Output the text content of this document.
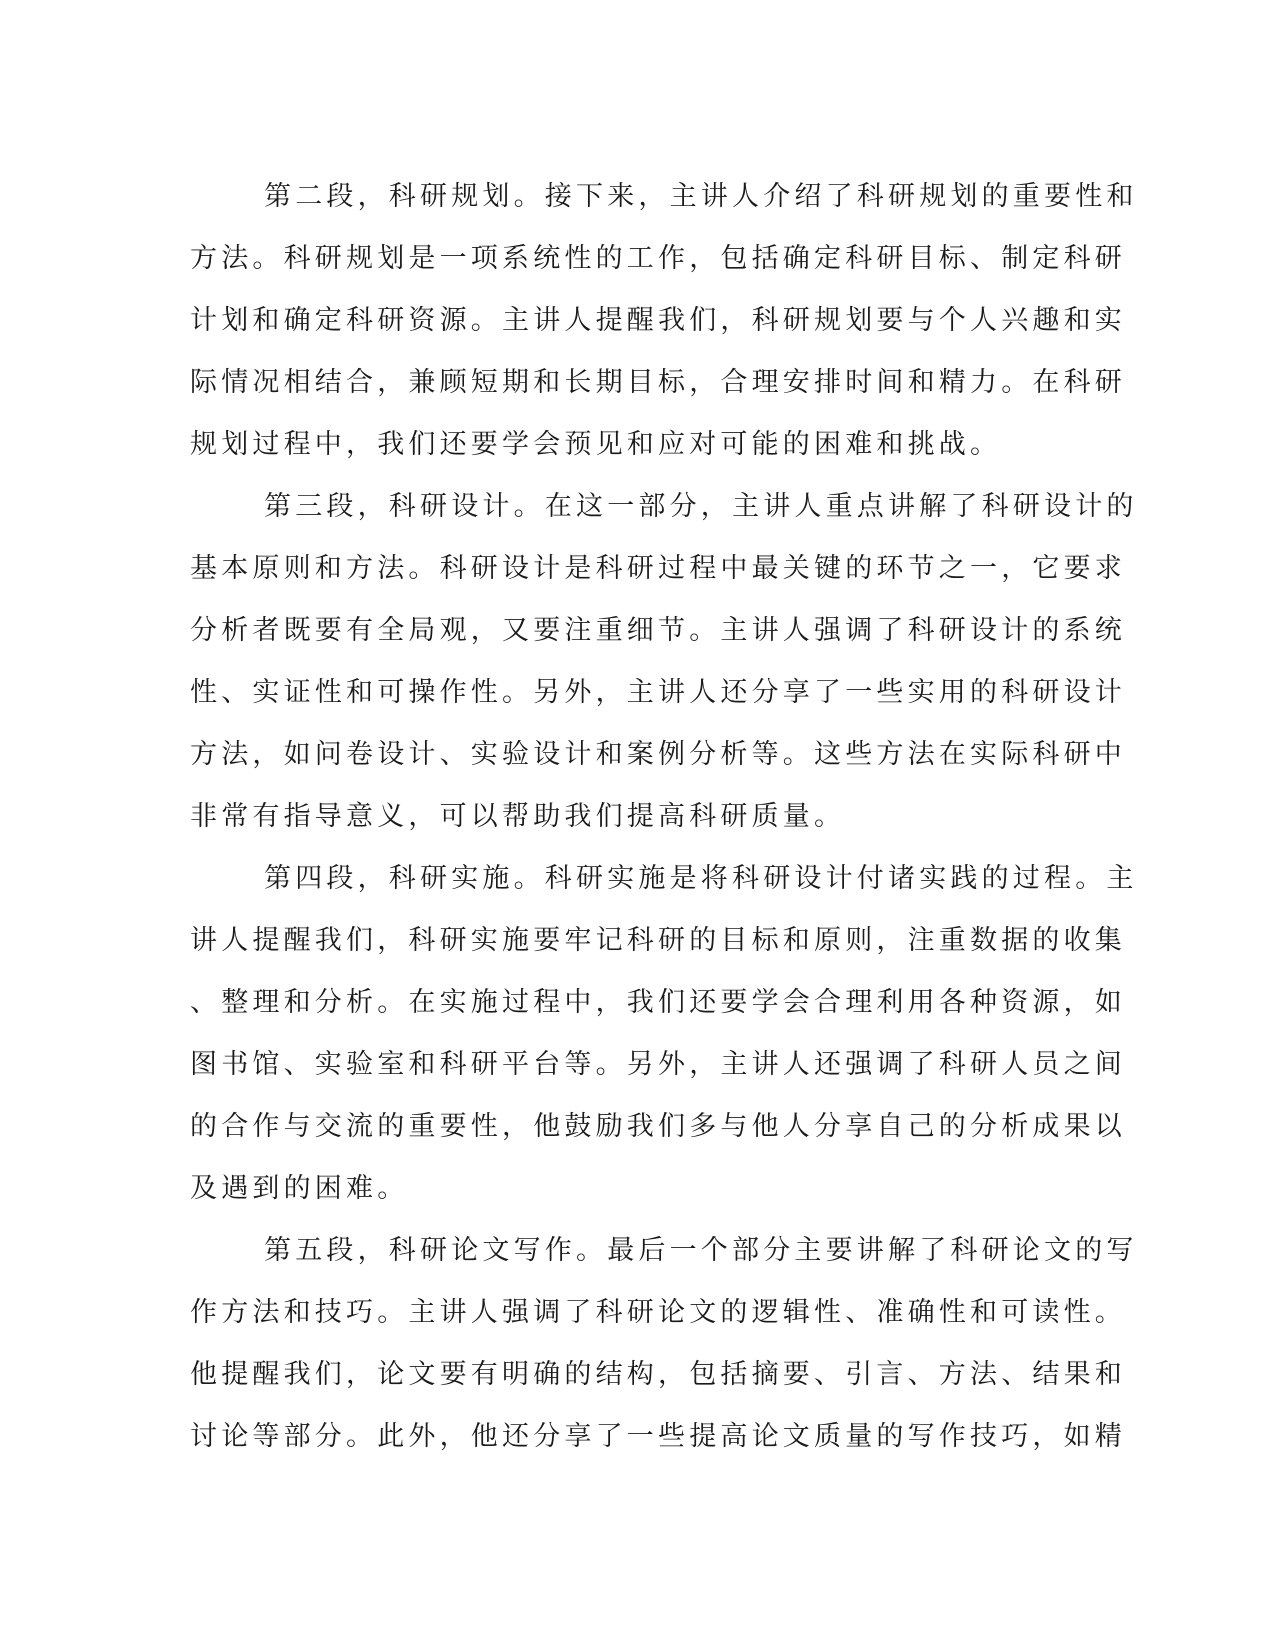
第二段，科研规划。接下来，主讲人介绍了科研规划的重要性和
方法。科研规划是一项系统性的工作，包括确定科研目标、制定科研
计划和确定科研资源。主讲人提醒我们，科研规划要与个人兴趣和实
际情况相结合，兼顾短期和长期目标，合理安排时间和精力。在科研
规划过程中，我们还要学会预见和应对可能的困难和挑战。
第三段，科研设计。在这一部分，主讲人重点讲解了科研设计的
基本原则和方法。科研设计是科研过程中最关键的环节之一，它要求
分析者既要有全局观，又要注重细节。主讲人强调了科研设计的系统
性、实证性和可操作性。另外，主讲人还分享了一些实用的科研设计
方法，如问卷设计、实验设计和案例分析等。这些方法在实际科研中
非常有指导意义，可以帮助我们提高科研质量。
第四段，科研实施。科研实施是将科研设计付诸实践的过程。主
讲人提醒我们，科研实施要牢记科研的目标和原则，注重数据的收集
、整理和分析。在实施过程中，我们还要学会合理利用各种资源，如
图书馆、实验室和科研平台等。另外，主讲人还强调了科研人员之间
的合作与交流的重要性，他鼓励我们多与他人分享自己的分析成果以
及遇到的困难。
第五段，科研论文写作。最后一个部分主要讲解了科研论文的写
作方法和技巧。主讲人强调了科研论文的逻辑性、准确性和可读性。
他提醒我们，论文要有明确的结构，包括摘要、引言、方法、结果和
讨论等部分。此外，他还分享了一些提高论文质量的写作技巧，如精
